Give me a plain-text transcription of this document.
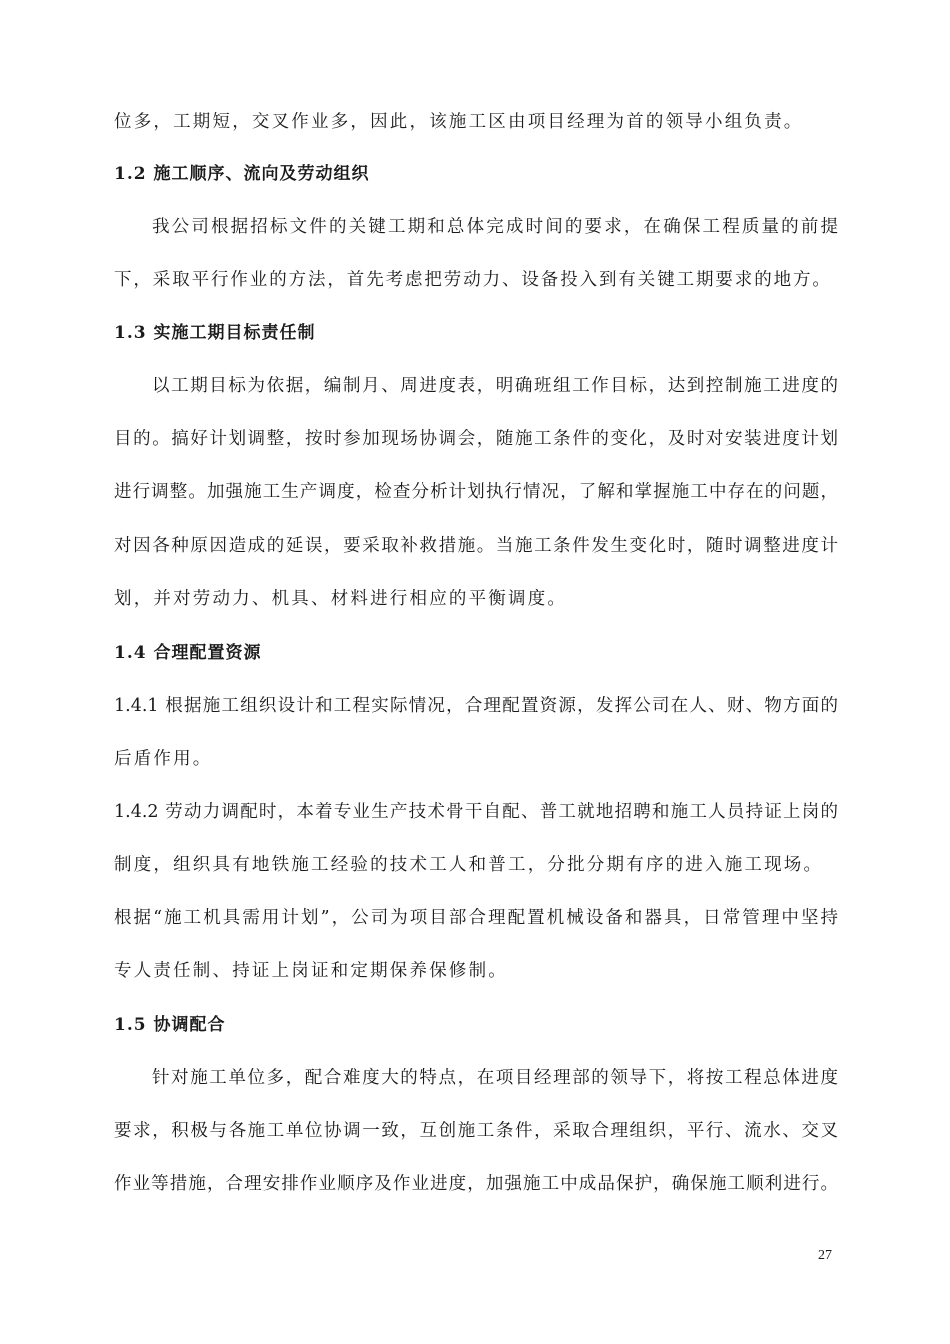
位多，工期短，交叉作业多，因此，该施工区由项目经理为首的领导小组负责。
1.2 施工顺序、流向及劳动组织
我公司根据招标文件的关键工期和总体完成时间的要求，在确保工程质量的前提
下，采取平行作业的方法，首先考虑把劳动力、设备投入到有关键工期要求的地方。
1.3 实施工期目标责任制
以工期目标为依据，编制月、周进度表，明确班组工作目标，达到控制施工进度的
目的。搞好计划调整，按时参加现场协调会，随施工条件的变化，及时对安装进度计划
进行调整。加强施工生产调度，检查分析计划执行情况，了解和掌握施工中存在的问题，
对因各种原因造成的延误，要采取补救措施。当施工条件发生变化时，随时调整进度计
划，并对劳动力、机具、材料进行相应的平衡调度。
1.4 合理配置资源
1.4.1 根据施工组织设计和工程实际情况，合理配置资源，发挥公司在人、财、物方面的
后盾作用。
1.4.2 劳动力调配时，本着专业生产技术骨干自配、普工就地招聘和施工人员持证上岗的
制度，组织具有地铁施工经验的技术工人和普工，分批分期有序的进入施工现场。
根据“施工机具需用计划”，公司为项目部合理配置机械设备和器具，日常管理中坚持
专人责任制、持证上岗证和定期保养保修制。
1.5 协调配合
针对施工单位多，配合难度大的特点，在项目经理部的领导下，将按工程总体进度
要求，积极与各施工单位协调一致，互创施工条件，采取合理组织，平行、流水、交叉
作业等措施，合理安排作业顺序及作业进度，加强施工中成品保护，确保施工顺利进行。
27
